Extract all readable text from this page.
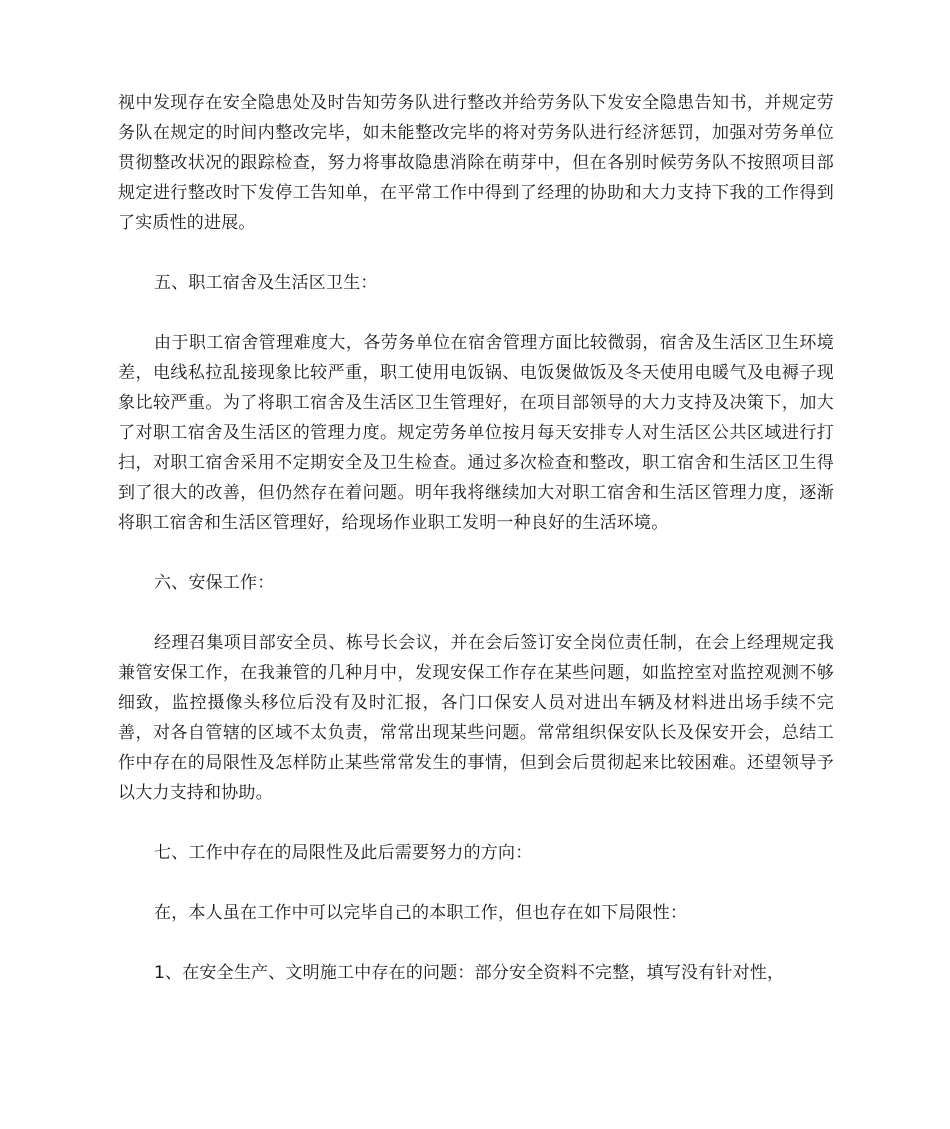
视中发现存在安全隐患处及时告知劳务队进行整改并给劳务队下发安全隐患告知书，并规定劳务队在规定的时间内整改完毕，如未能整改完毕的将对劳务队进行经济惩罚，加强对劳务单位贯彻整改状况的跟踪检查，努力将事故隐患消除在萌芽中，但在各别时候劳务队不按照项目部规定进行整改时下发停工告知单，在平常工作中得到了经理的协助和大力支持下我的工作得到了实质性的进展。

五、职工宿舍及生活区卫生：

由于职工宿舍管理难度大，各劳务单位在宿舍管理方面比较微弱，宿舍及生活区卫生环境差，电线私拉乱接现象比较严重，职工使用电饭锅、电饭煲做饭及冬天使用电暖气及电褥子现象比较严重。为了将职工宿舍及生活区卫生管理好，在项目部领导的大力支持及决策下，加大了对职工宿舍及生活区的管理力度。规定劳务单位按月每天安排专人对生活区公共区域进行打扫，对职工宿舍采用不定期安全及卫生检查。通过多次检查和整改，职工宿舍和生活区卫生得到了很大的改善，但仍然存在着问题。明年我将继续加大对职工宿舍和生活区管理力度，逐渐将职工宿舍和生活区管理好，给现场作业职工发明一种良好的生活环境。

六、安保工作：

经理召集项目部安全员、栋号长会议，并在会后签订安全岗位责任制，在会上经理规定我兼管安保工作，在我兼管的几种月中，发现安保工作存在某些问题，如监控室对监控观测不够细致，监控摄像头移位后没有及时汇报，各门口保安人员对进出车辆及材料进出场手续不完善，对各自管辖的区域不太负责，常常出现某些问题。常常组织保安队长及保安开会，总结工作中存在的局限性及怎样防止某些常常发生的事情，但到会后贯彻起来比较困难。还望领导予以大力支持和协助。

七、工作中存在的局限性及此后需要努力的方向：

在，本人虽在工作中可以完毕自己的本职工作，但也存在如下局限性：

1、在安全生产、文明施工中存在的问题：部分安全资料不完整，填写没有针对性，
